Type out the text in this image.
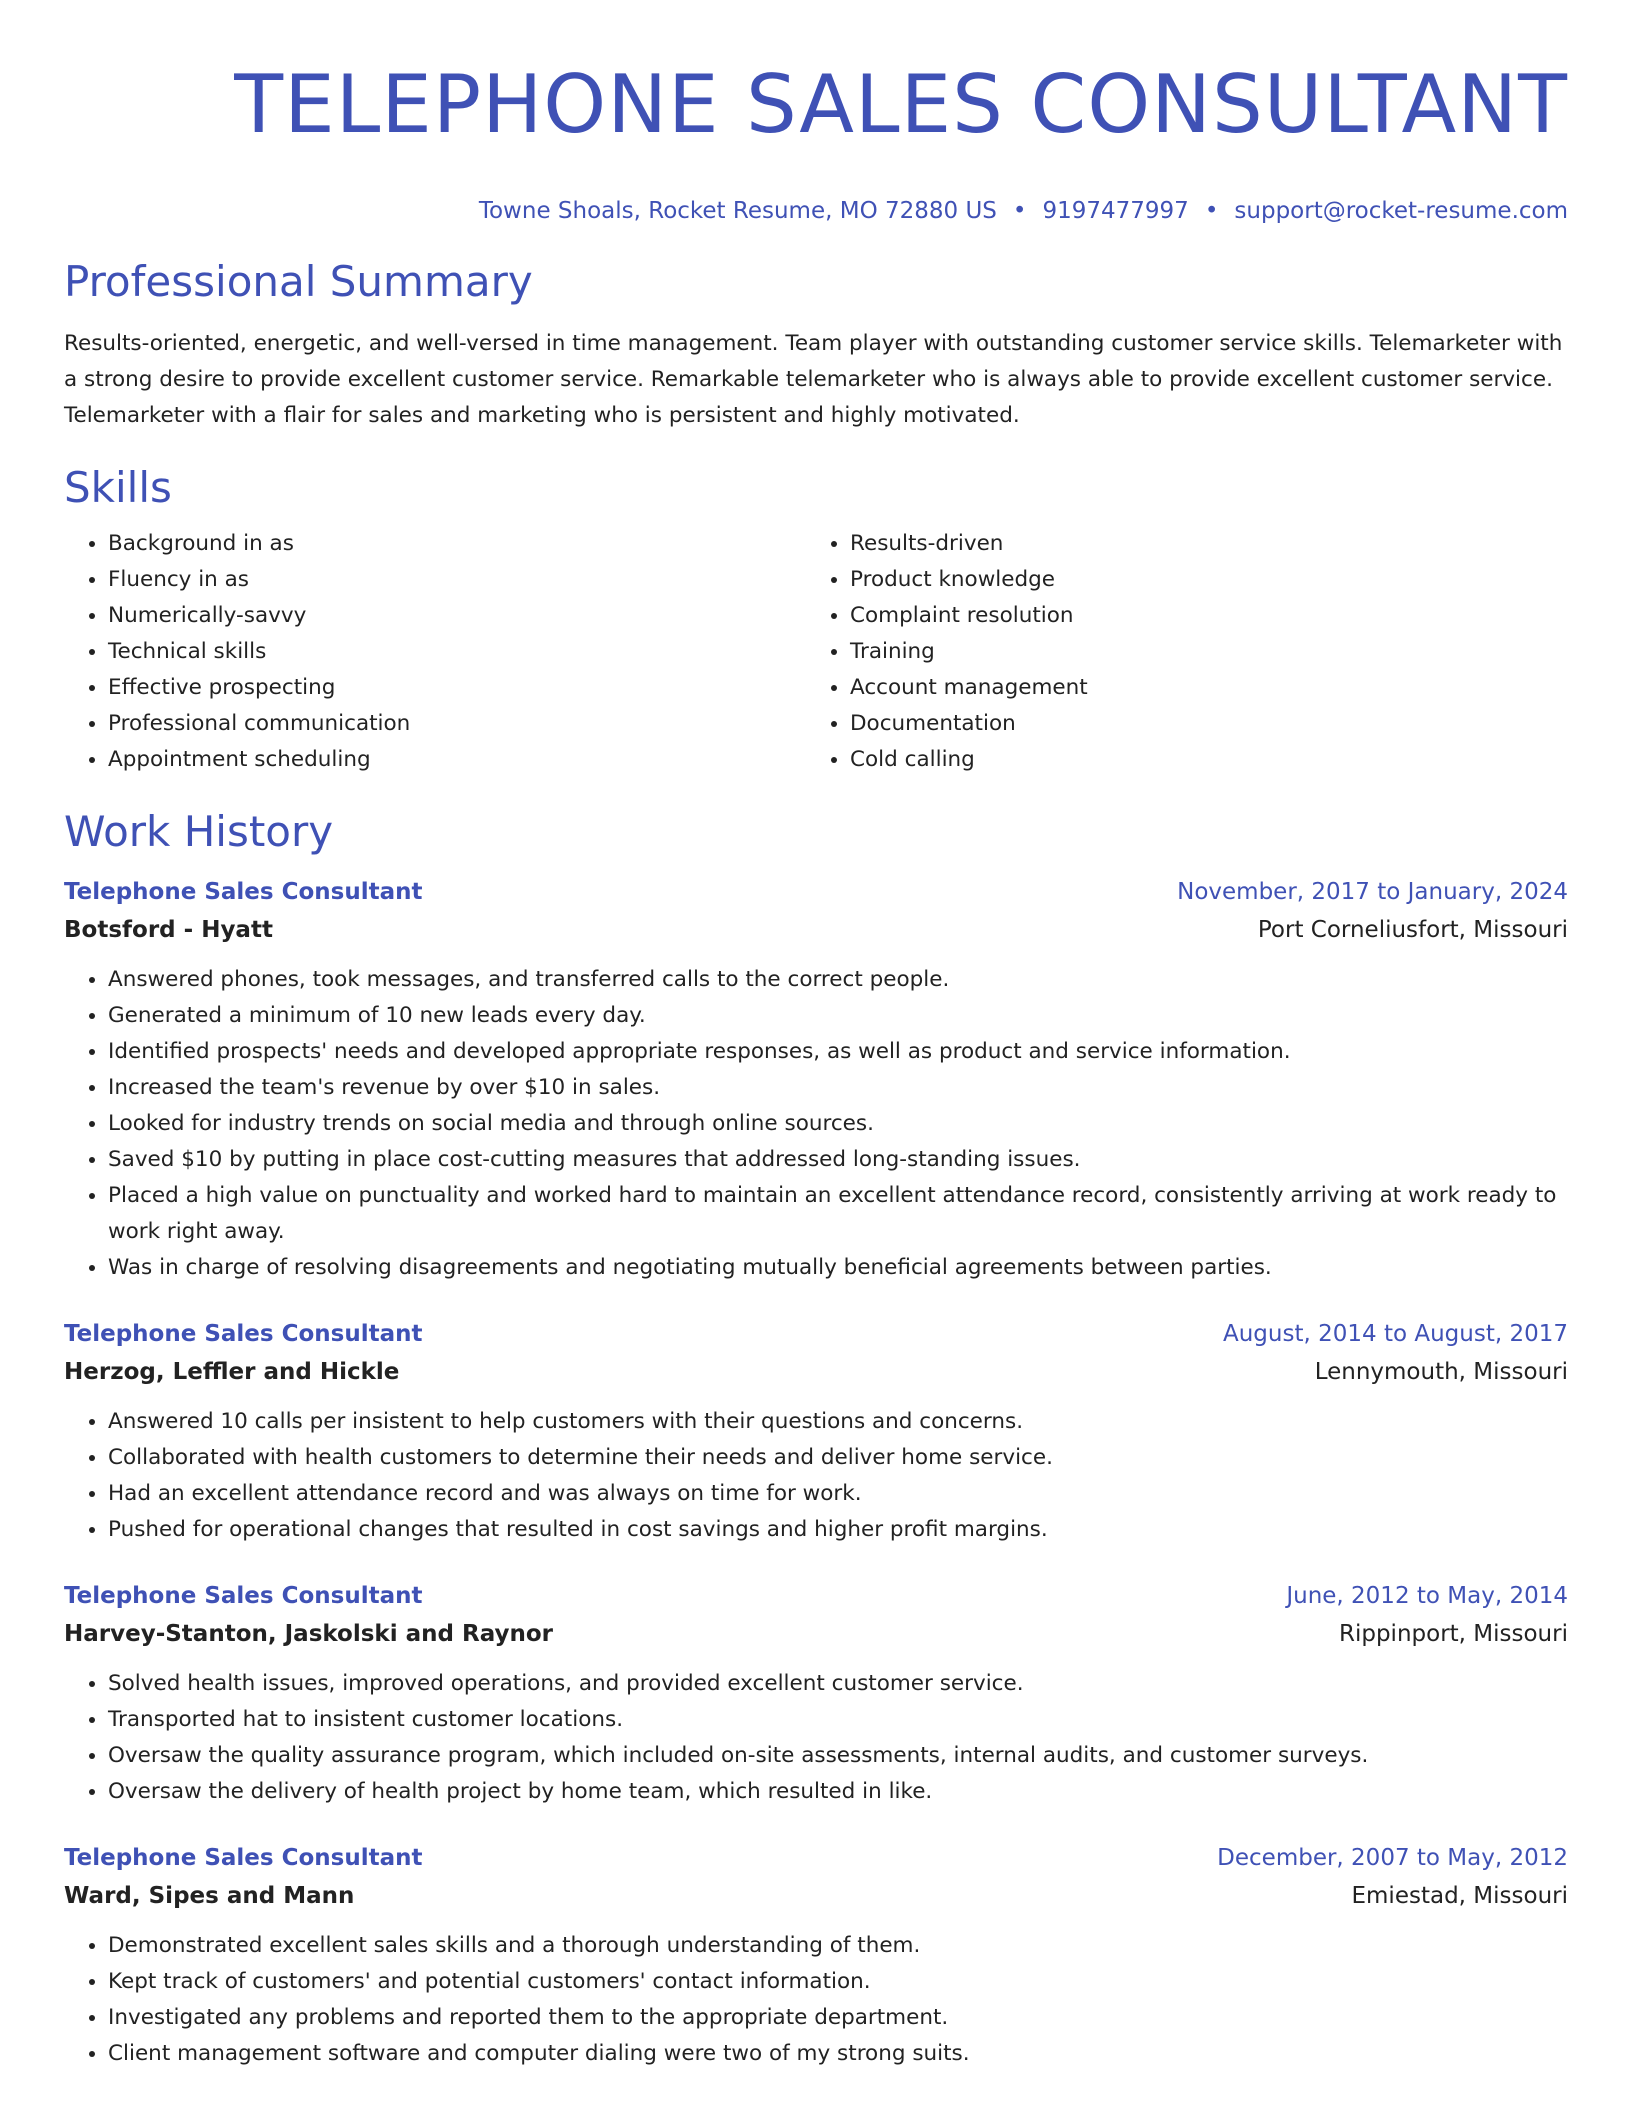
TELEPHONE SALES CONSULTANT
Towne Shoals, Rocket Resume, MO 72880 US • 9197477997 • support@rocket-resume.com
Professional Summary
Results-oriented, energetic, and well-versed in time management. Team player with outstanding customer service skills. Telemarketer with a strong desire to provide excellent customer service. Remarkable telemarketer who is always able to provide excellent customer service. Telemarketer with a flair for sales and marketing who is persistent and highly motivated.
Skills
• Background in as
• Fluency in as
• Numerically-savvy
• Technical skills
• Effective prospecting
• Professional communication
• Appointment scheduling
• Results-driven
• Product knowledge
• Complaint resolution
• Training
• Account management
• Documentation
• Cold calling
Work History
Telephone Sales Consultant	November, 2017 to January, 2024
Botsford - Hyatt	Port Corneliusfort, Missouri
• Answered phones, took messages, and transferred calls to the correct people.
• Generated a minimum of 10 new leads every day.
• Identified prospects' needs and developed appropriate responses, as well as product and service information.
• Increased the team's revenue by over $10 in sales.
• Looked for industry trends on social media and through online sources.
• Saved $10 by putting in place cost-cutting measures that addressed long-standing issues.
• Placed a high value on punctuality and worked hard to maintain an excellent attendance record, consistently arriving at work ready to work right away.
• Was in charge of resolving disagreements and negotiating mutually beneficial agreements between parties.
Telephone Sales Consultant	August, 2014 to August, 2017
Herzog, Leffler and Hickle	Lennymouth, Missouri
• Answered 10 calls per insistent to help customers with their questions and concerns.
• Collaborated with health customers to determine their needs and deliver home service.
• Had an excellent attendance record and was always on time for work.
• Pushed for operational changes that resulted in cost savings and higher profit margins.
Telephone Sales Consultant	June, 2012 to May, 2014
Harvey-Stanton, Jaskolski and Raynor	Rippinport, Missouri
• Solved health issues, improved operations, and provided excellent customer service.
• Transported hat to insistent customer locations.
• Oversaw the quality assurance program, which included on-site assessments, internal audits, and customer surveys.
• Oversaw the delivery of health project by home team, which resulted in like.
Telephone Sales Consultant	December, 2007 to May, 2012
Ward, Sipes and Mann	Emiestad, Missouri
• Demonstrated excellent sales skills and a thorough understanding of them.
• Kept track of customers' and potential customers' contact information.
• Investigated any problems and reported them to the appropriate department.
• Client management software and computer dialing were two of my strong suits.
